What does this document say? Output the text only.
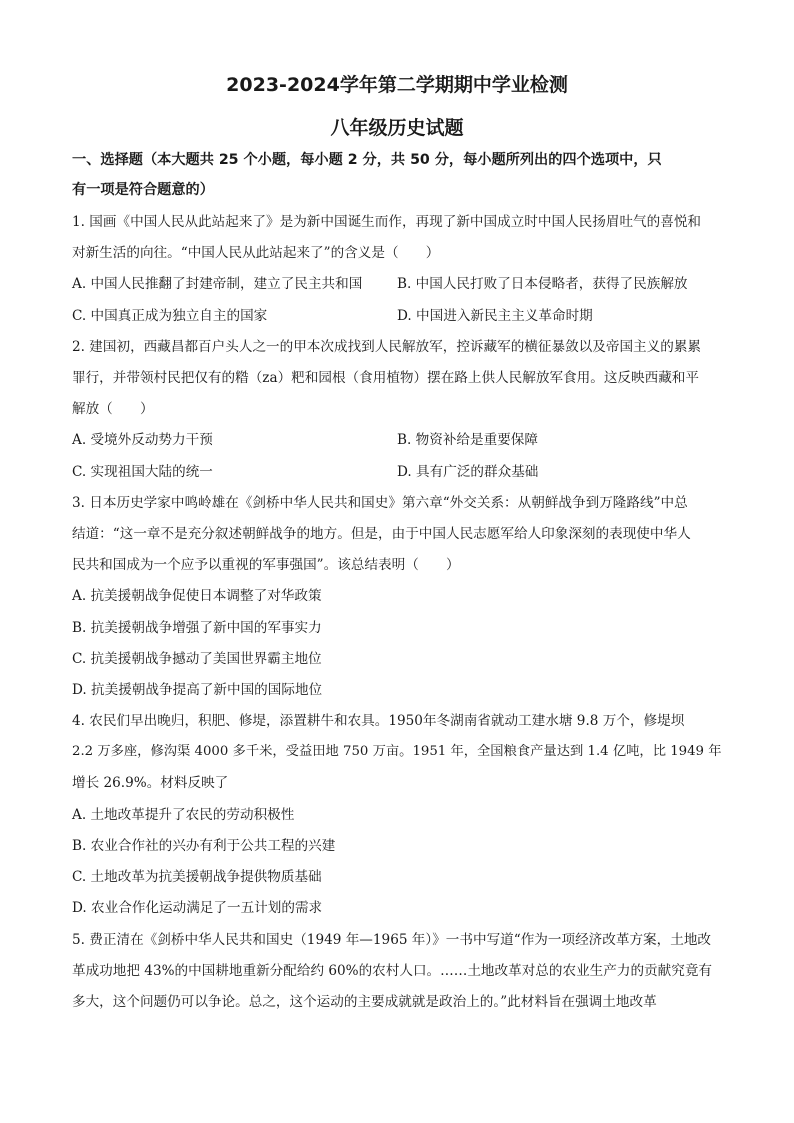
2023-2024学年第二学期期中学业检测
八年级历史试题
一、选择题（本大题共 25 个小题，每小题 2 分，共 50 分，每小题所列出的四个选项中，只
有一项是符合题意的）
1. 国画《中国人民从此站起来了》是为新中国诞生而作，再现了新中国成立时中国人民扬眉吐气的喜悦和
对新生活的向往。“中国人民从此站起来了”的含义是（　　）
A. 中国人民推翻了封建帝制，建立了民主共和国	B. 中国人民打败了日本侵略者，获得了民族解放
C. 中国真正成为独立自主的国家	D. 中国进入新民主主义革命时期
2. 建国初，西藏昌都百户头人之一的甲本次成找到人民解放军，控诉藏军的横征暴敛以及帝国主义的累累
罪行，并带领村民把仅有的糌（za）粑和园根（食用植物）摆在路上供人民解放军食用。这反映西藏和平
解放（　　）
A. 受境外反动势力干预	B. 物资补给是重要保障
C. 实现祖国大陆的统一	D. 具有广泛的群众基础
3. 日本历史学家中鸣岭雄在《剑桥中华人民共和国史》第六章“外交关系：从朝鲜战争到万隆路线”中总
结道：“这一章不是充分叙述朝鲜战争的地方。但是，由于中国人民志愿军给人印象深刻的表现使中华人
民共和国成为一个应予以重视的军事强国”。该总结表明（　　）
A. 抗美援朝战争促使日本调整了对华政策
B. 抗美援朝战争增强了新中国的军事实力
C. 抗美援朝战争撼动了美国世界霸主地位
D. 抗美援朝战争提高了新中国的国际地位
4. 农民们早出晚归，积肥、修堤，添置耕牛和农具。1950年冬湖南省就动工建水塘 9.8 万个，修堤坝
2.2 万多座，修沟渠 4000 多千米，受益田地 750 万亩。1951 年，全国粮食产量达到 1.4 亿吨，比 1949 年
增长 26.9%。材料反映了
A. 土地改革提升了农民的劳动积极性
B. 农业合作社的兴办有利于公共工程的兴建
C. 土地改革为抗美援朝战争提供物质基础
D. 农业合作化运动满足了一五计划的需求
5. 费正清在《剑桥中华人民共和国史（1949 年—1965 年）》一书中写道“作为一项经济改革方案，土地改
革成功地把 43%的中国耕地重新分配给约 60%的农村人口。……土地改革对总的农业生产力的贡献究竟有
多大，这个问题仍可以争论。总之，这个运动的主要成就就是政治上的。”此材料旨在强调土地改革
